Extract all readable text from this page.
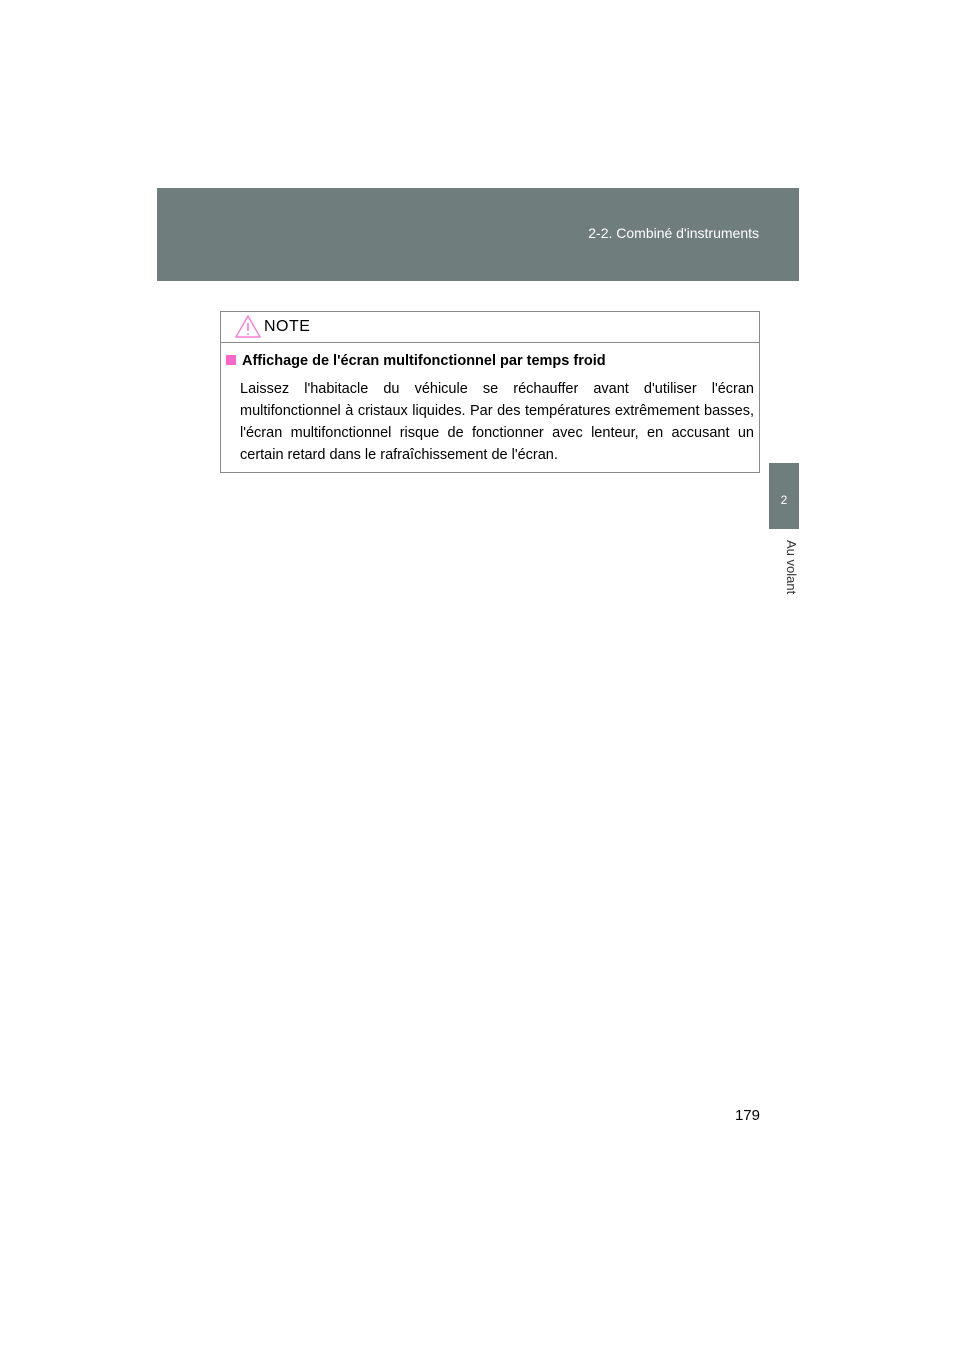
2-2. Combiné d'instruments
2
Au volant
NOTE
Affichage de l'écran multifonctionnel par temps froid
Laissez l'habitacle du véhicule se réchauffer avant d'utiliser l'écran multifonctionnel à cristaux liquides. Par des températures extrêmement basses, l'écran multifonctionnel risque de fonctionner avec lenteur, en accusant un certain retard dans le rafraîchissement de l'écran.
179
